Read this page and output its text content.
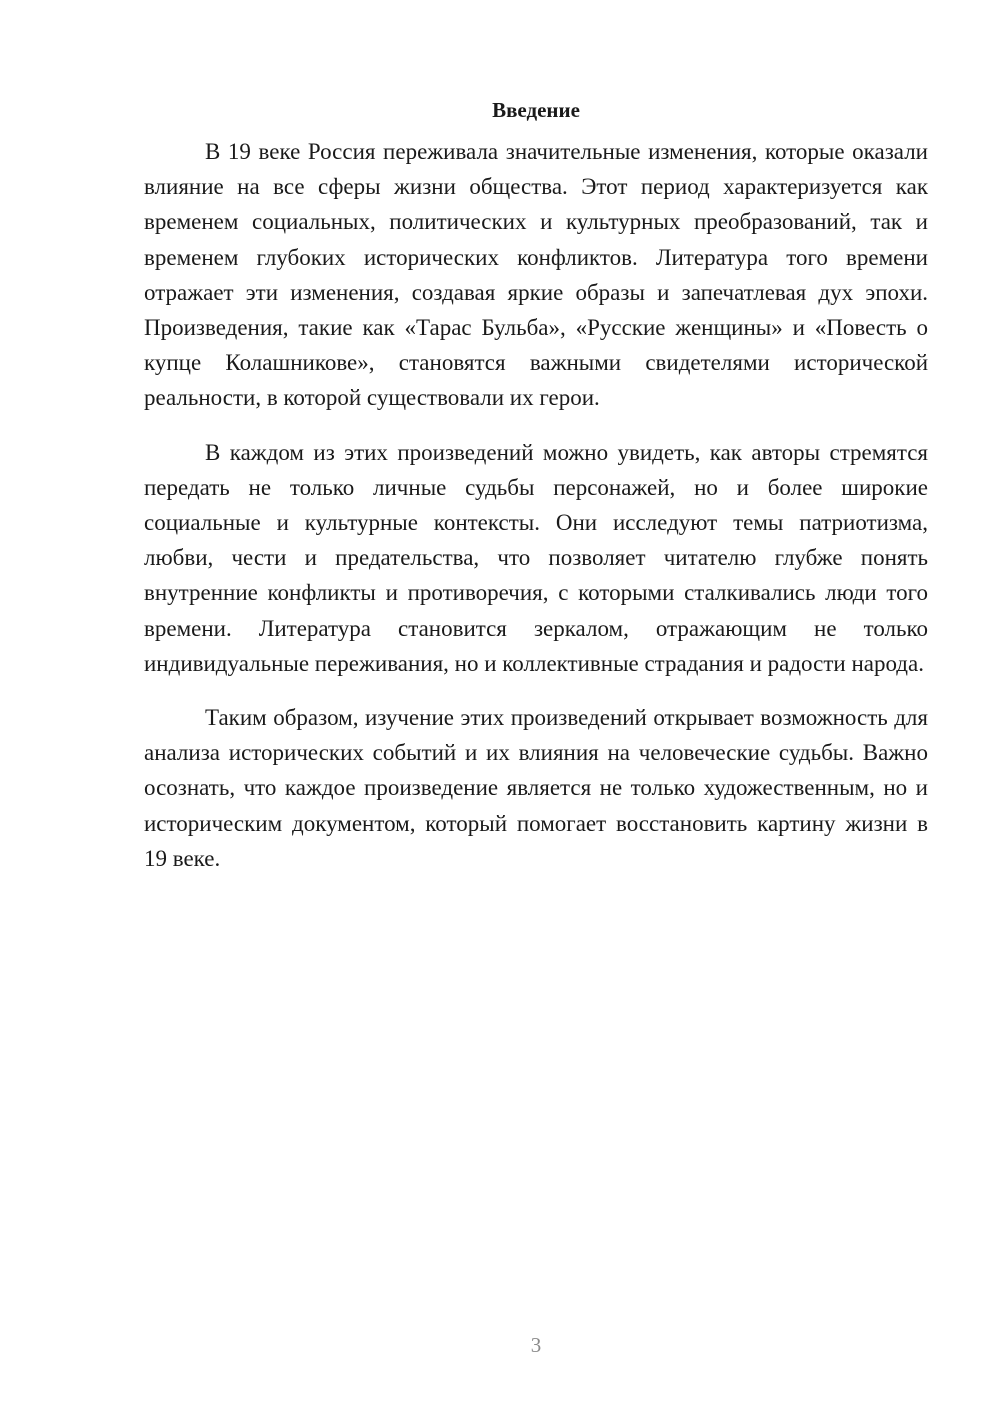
Введение

В 19 веке Россия переживала значительные изменения, которые оказали влияние на все сферы жизни общества. Этот период характеризуется как временем социальных, политических и культурных преобразований, так и временем глубоких исторических конфликтов. Литература того времени отражает эти изменения, создавая яркие образы и запечатлевая дух эпохи. Произведения, такие как «Тарас Бульба», «Русские женщины» и «Повесть о купце Колашникове», становятся важными свидетелями исторической реальности, в которой существовали их герои.

В каждом из этих произведений можно увидеть, как авторы стремятся передать не только личные судьбы персонажей, но и более широкие социальные и культурные контексты. Они исследуют темы патриотизма, любви, чести и предательства, что позволяет читателю глубже понять внутренние конфликты и противоречия, с которыми сталкивались люди того времени. Литература становится зеркалом, отражающим не только индивидуальные переживания, но и коллективные страдания и радости народа.

Таким образом, изучение этих произведений открывает возможность для анализа исторических событий и их влияния на человеческие судьбы. Важно осознать, что каждое произведение является не только художественным, но и историческим документом, который помогает восстановить картину жизни в 19 веке.

3
